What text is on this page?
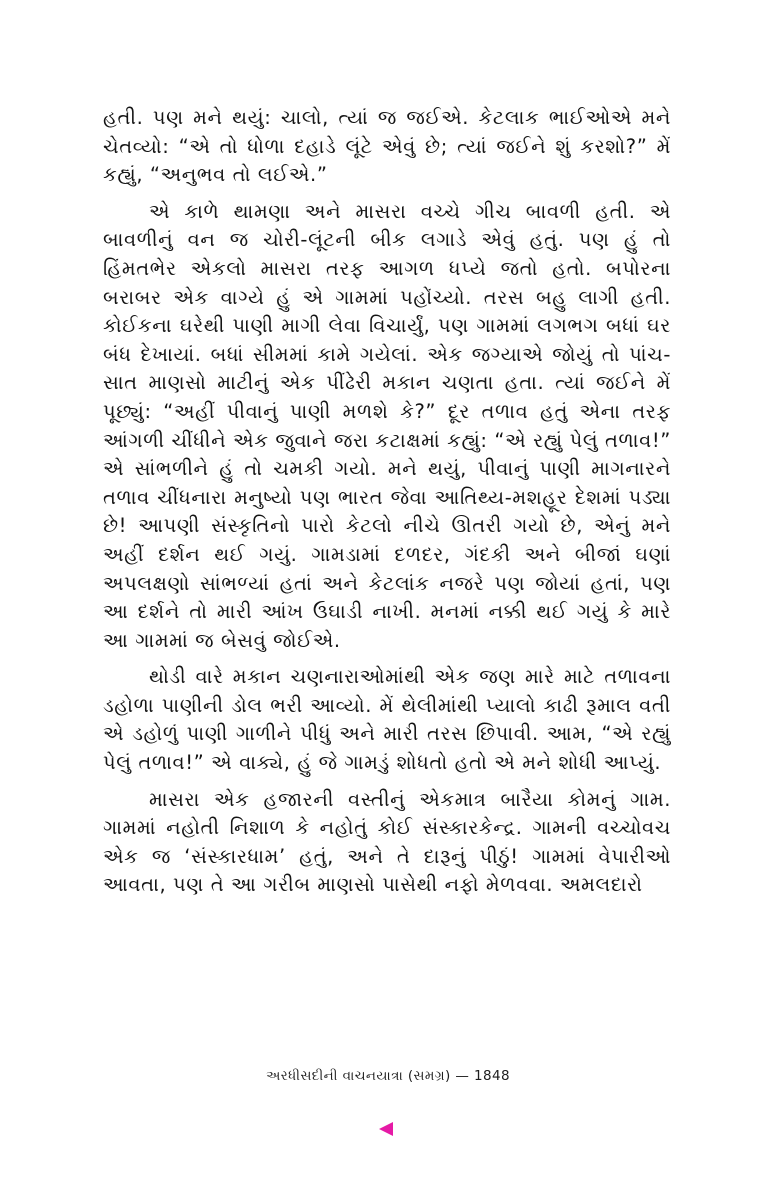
હતી. પણ મને થયું: ચાલો, ત્યાં જ જઈએ. કેટલાક ભાઈઓએ મને ચેતવ્યો: “એ તો ધોળા દહાડે લૂંટે એવું છે; ત્યાં જઈને શું કરશો?” મેં કહ્યું, “અનુભવ તો લઈએ.”

એ કાળે થામણા અને માસરા વચ્ચે ગીચ બાવળી હતી. એ બાવળીનું વન જ ચોરી-લૂંટની બીક લગાડે એવું હતું. પણ હું તો હિંમતભેર એકલો માસરા તરફ આગળ ધપ્યે જતો હતો. બપોરના બરાબર એક વાગ્યે હું એ ગામમાં પહોંચ્યો. તરસ બહુ લાગી હતી. કોઈકના ઘરેથી પાણી માગી લેવા વિચાર્યું, પણ ગામમાં લગભગ બધાં ઘર બંધ દેખાયાં. બધાં સીમમાં કામે ગયેલાં. એક જગ્યાએ જોયું તો પાંચ-સાત માણસો માટીનું એક પીંઢેરી મકાન ચણતા હતા. ત્યાં જઈને મેં પૂછ્યું: “અહીં પીવાનું પાણી મળશે કે?” દૂર તળાવ હતું એના તરફ આંગળી ચીંધીને એક જુવાને જરા કટાક્ષમાં કહ્યું: “એ રહ્યું પેલું તળાવ!” એ સાંભળીને હું તો ચમકી ગયો. મને થયું, પીવાનું પાણી માગનારને તળાવ ચીંધનારા મનુષ્યો પણ ભારત જેવા આતિથ્ય-મશહૂર દેશમાં પડ્યા છે! આપણી સંસ્કૃતિનો પારો કેટલો નીચે ઊતરી ગયો છે, એનું મને અહીં દર્શન થઈ ગયું. ગામડામાં દળદર, ગંદકી અને બીજાં ઘણાં અપલક્ષણો સાંભળ્યાં હતાં અને કેટલાંક નજરે પણ જોયાં હતાં, પણ આ દર્શને તો મારી આંખ ઉઘાડી નાખી. મનમાં નક્કી થઈ ગયું કે મારે આ ગામમાં જ બેસવું જોઈએ.

થોડી વારે મકાન ચણનારાઓમાંથી એક જણ મારે માટે તળાવના ડહોળા પાણીની ડોલ ભરી આવ્યો. મેં થેલીમાંથી પ્યાલો કાઢી રૂમાલ વતી એ ડહોળું પાણી ગાળીને પીધું અને મારી તરસ છિપાવી. આમ, “એ રહ્યું પેલું તળાવ!” એ વાક્યે, હું જે ગામડું શોધતો હતો એ મને શોધી આપ્યું.

માસરા એક હજારની વસ્તીનું એકમાત્ર બારૈયા કોમનું ગામ. ગામમાં નહોતી નિશાળ કે નહોતું કોઈ સંસ્કારકેન્દ્ર. ગામની વચ્ચોવચ એક જ ‘સંસ્કારધામ’ હતું, અને તે દારૂનું પીઠું! ગામમાં વેપારીઓ આવતા, પણ તે આ ગરીબ માણસો પાસેથી નફો મેળવવા. અમલદારો

અરધીસદીની વાચનયાત્રા (સમગ્ર) — 1848
